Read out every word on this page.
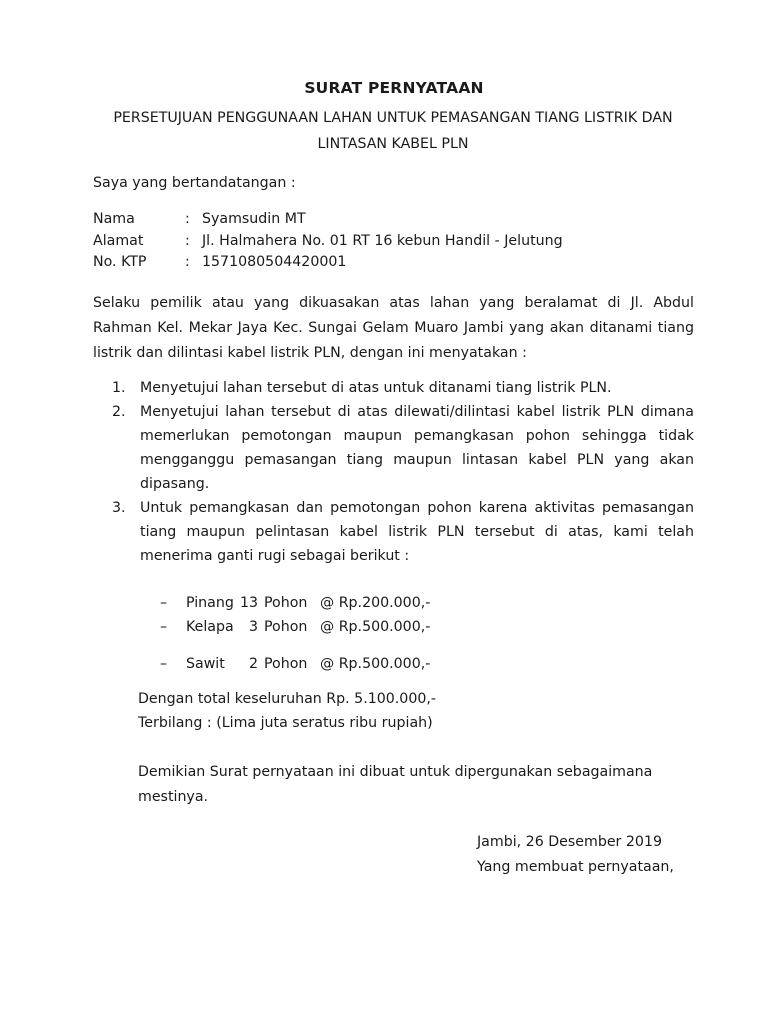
SURAT PERNYATAAN
PERSETUJUAN PENGGUNAAN LAHAN UNTUK PEMASANGAN TIANG LISTRIK DAN LINTASAN KABEL PLN
Saya yang bertandatangan :
Nama	: Syamsudin MT
Alamat	: Jl. Halmahera No. 01 RT 16 kebun Handil - Jelutung
No. KTP	: 1571080504420001
Selaku pemilik atau yang dikuasakan atas lahan yang beralamat di Jl. Abdul Rahman Kel. Mekar Jaya Kec. Sungai Gelam Muaro Jambi yang akan ditanami tiang listrik dan dilintasi kabel listrik PLN, dengan ini menyatakan :
1.	Menyetujui lahan tersebut di atas untuk ditanami tiang listrik PLN.
2.	Menyetujui lahan tersebut di atas dilewati/dilintasi kabel listrik PLN dimana memerlukan pemotongan maupun pemangkasan pohon sehingga tidak mengganggu pemasangan tiang maupun lintasan kabel PLN yang akan dipasang.
3.	Untuk pemangkasan dan pemotongan pohon karena aktivitas pemasangan tiang maupun pelintasan kabel listrik PLN tersebut di atas, kami telah menerima ganti rugi sebagai berikut :
–	Pinang 13 Pohon @ Rp.200.000,-
–	Kelapa	3 Pohon @ Rp.500.000,-
–	Sawit	2 Pohon @ Rp.500.000,-
Dengan total keseluruhan Rp. 5.100.000,-
Terbilang : (Lima juta seratus ribu rupiah)
Demikian Surat pernyataan ini dibuat untuk dipergunakan sebagaimana mestinya.
Jambi, 26 Desember 2019
Yang membuat pernyataan,
